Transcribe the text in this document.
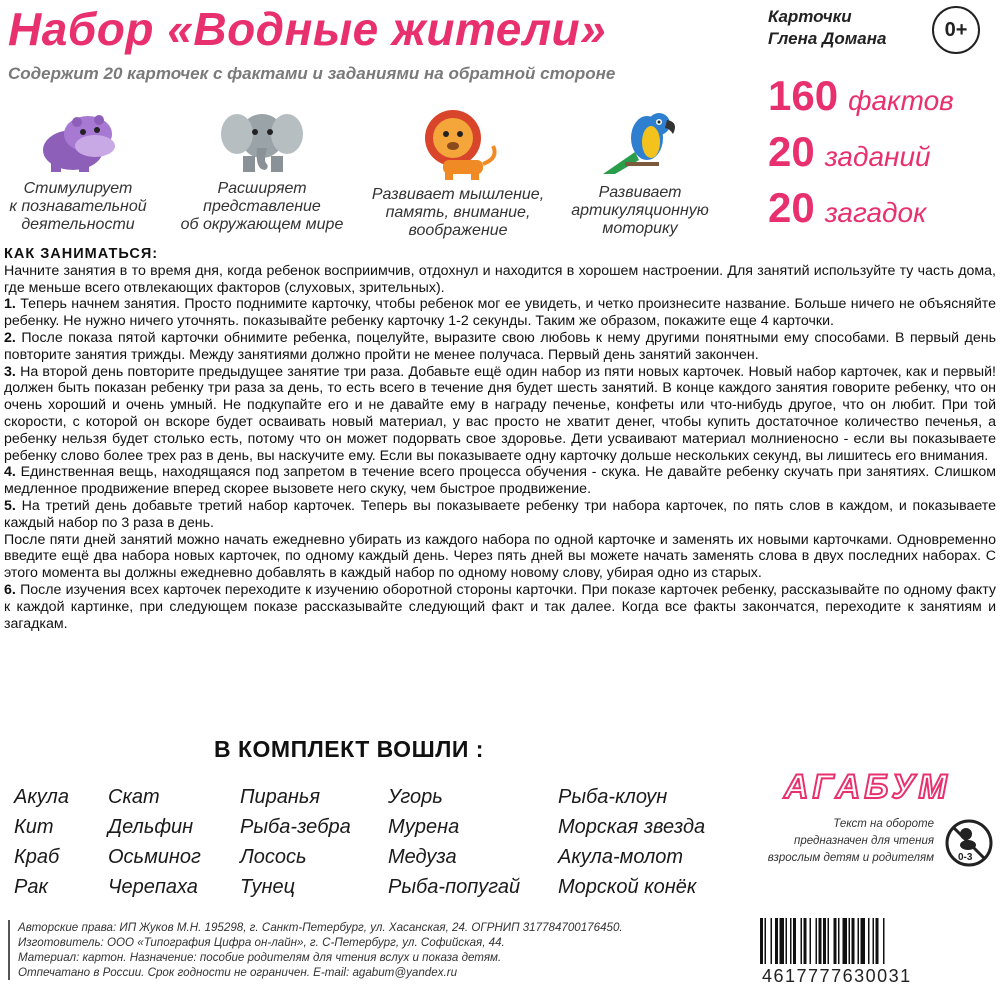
Набор «Водные жители»
Содержит 20 карточек с фактами и заданиями на обратной стороне
Карточки
Глена Домана	0+
160 фактов
20 заданий
20 загадок
Стимулирует
к познавательной
деятельности
Расширяет
представление
об окружающем мире
Развивает мышление,
память, внимание,
воображение
Развивает
артикуляционную
моторику
КАК ЗАНИМАТЬСЯ:

Начните занятия в то время дня, когда ребенок восприимчив, отдохнул и находится в хорошем настроении. Для занятий используйте ту часть дома, где меньше всего отвлекающих факторов (слуховых, зрительных).

1. Теперь начнем занятия. Просто поднимите карточку, чтобы ребенок мог ее увидеть, и четко произнесите название. Больше ничего не объясняйте ребенку. Не нужно ничего уточнять. показывайте ребенку карточку 1-2 секунды. Таким же образом, покажите еще 4 карточки.

2. После показа пятой карточки обнимите ребенка, поцелуйте, выразите свою любовь к нему другими понятными ему способами. В первый день повторите занятия трижды. Между занятиями должно пройти не менее получаса. Первый день занятий закончен.

3. На второй день повторите предыдущее занятие три раза. Добавьте ещё один набор из пяти новых карточек. Новый набор карточек, как и первый! должен быть показан ребенку три раза за день, то есть всего в течение дня будет шесть занятий. В конце каждого занятия говорите ребенку, что он очень хороший и очень умный. Не подкупайте его и не давайте ему в награду печенье, конфеты или что-нибудь другое, что он любит. При той скорости, с которой он вскоре будет осваивать новый материал, у вас просто не хватит денег, чтобы купить достаточное количество печенья, а ребенку нельзя будет столько есть, потому что он может подорвать свое здоровье. Дети усваивают материал молниеносно - если вы показываете ребенку слово более трех раз в день, вы наскучите ему. Если вы показываете одну карточку дольше нескольких секунд, вы лишитесь его внимания.

4. Единственная вещь, находящаяся под запретом в течение всего процесса обучения - скука. Не давайте ребенку скучать при занятиях. Слишком медленное продвижение вперед скорее вызовете него скуку, чем быстрое продвижение.

5. На третий день добавьте третий набор карточек. Теперь вы показываете ребенку три набора карточек, по пять слов в каждом, и показываете каждый набор по 3 раза в день.

После пяти дней занятий можно начать ежедневно убирать из каждого набора по одной карточке и заменять их новыми карточками. Одновременно введите ещё два набора новых карточек, по одному каждый день. Через пять дней вы можете начать заменять слова в двух последних наборах. С этого момента вы должны ежедневно добавлять в каждый набор по одному новому слову, убирая одно из старых.

6. После изучения всех карточек переходите к изучению оборотной стороны карточки. При показе карточек ребенку, рассказывайте по одному факту к каждой картинке, при следующем показе рассказывайте следующий факт и так далее. Когда все факты закончатся, переходите к занятиям и загадкам.

В КОМПЛЕКТ ВОШЛИ :
Акула
Кит
Краб
Рак
Скат
Дельфин
Осьминог
Черепаха
Пиранья
Рыба-зебра
Лосось
Тунец
Угорь
Мурена
Медуза
Рыба-попугай
Рыба-клоун
Морская звезда
Акула-молот
Морской конёк
АГАБУМ
Текст на обороте
предназначен для чтения
взрослым детям и родителям 0-3
Авторские права: ИП Жуков М.Н. 195298, г. Санкт-Петербург, ул. Хасанская, 24. ОГРНИП 317784700176450.
Изготовитель: ООО «Типография Цифра он-лайн», г. С-Петербург, ул. Софийская, 44.
Материал: картон. Назначение: пособие родителям для чтения вслух и показа детям.
Отпечатано в России. Срок годности не ограничен. E-mail: agabum@yandex.ru	4617777630031
